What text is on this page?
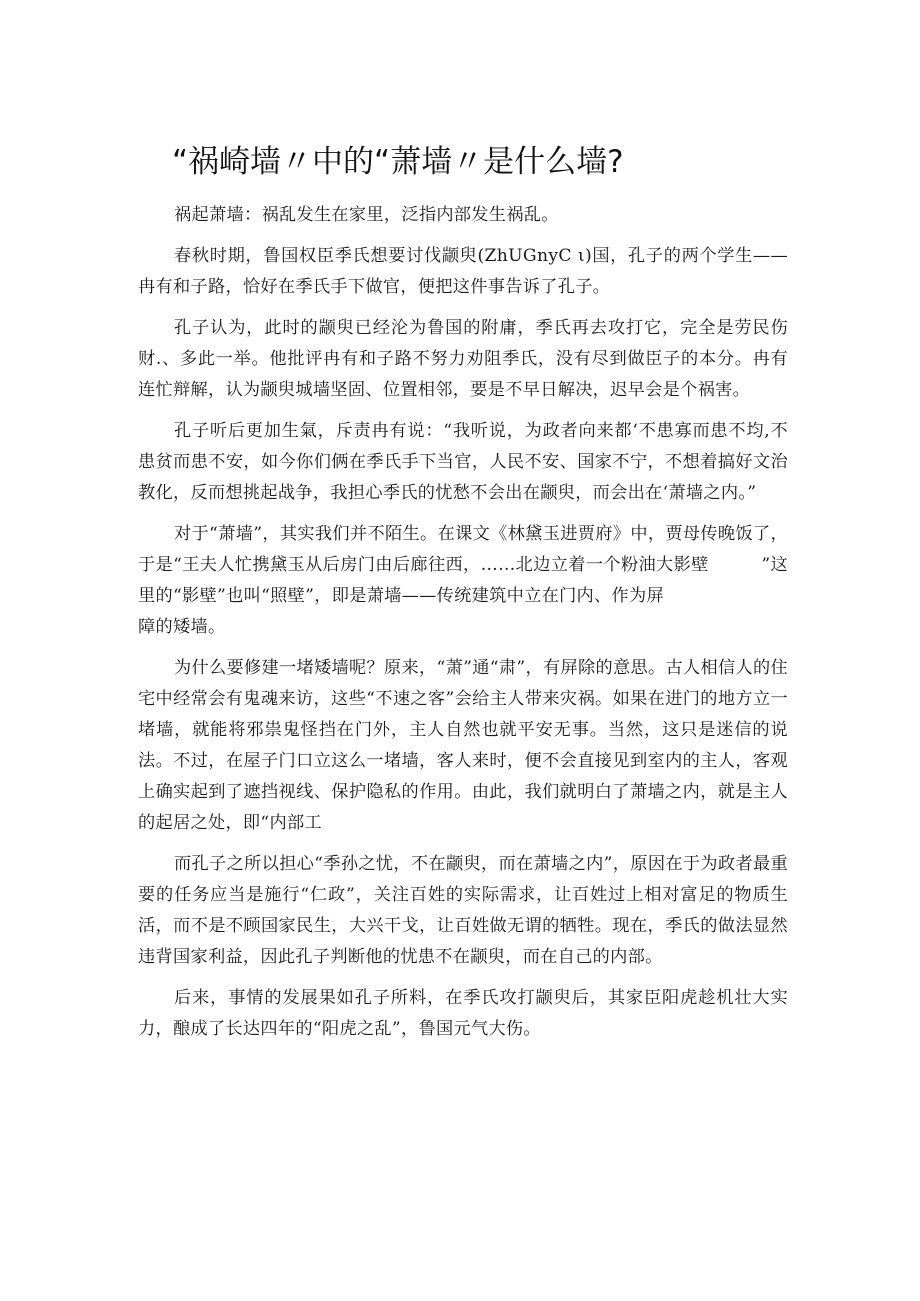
“祸崎墙〃中的“萧墙〃是什么墙?

祸起萧墙：祸乱发生在家里，泛指内部发生祸乱。

春秋时期，鲁国权臣季氏想要讨伐颛臾(ZhUGnyC ι)国，孔子的两个学生——冉有和子路，恰好在季氏手下做官，便把这件事告诉了孔子。

孔子认为，此时的颛臾已经沦为鲁国的附庸，季氏再去攻打它，完全是劳民伤财.、多此一举。他批评冉有和子路不努力劝阻季氏，没有尽到做臣子的本分。冉有连忙辩解，认为颛臾城墙坚固、位置相邻，要是不早日解决，迟早会是个祸害。

孔子听后更加生氣，斥责冉有说：“我听说，为政者向来都‘不患寡而患不均,不患贫而患不安，如今你们俩在季氏手下当官，人民不安、国家不宁，不想着搞好文治教化，反而想挑起战争，我担心季氏的忧愁不会出在颛臾，而会出在‘萧墙之内。”

对于“萧墙”，其实我们并不陌生。在课文《林黛玉进贾府》中，贾母传晚饭了，于是“王夫人忙携黛玉从后房门由后廊往西，……北边立着一个粉油大影壁　　　”这里的“影壁”也叫“照壁”，即是萧墙——传统建筑中立在门内、作为屏

障的矮墙。

为什么要修建一堵矮墙呢？原来，“萧”通“肃”，有屏除的意思。古人相信人的住宅中经常会有鬼魂来访，这些“不速之客”会给主人带来灾祸。如果在进门的地方立一堵墙，就能将邪祟鬼怪挡在门外，主人自然也就平安无事。当然，这只是迷信的说法。不过，在屋子门口立这么一堵墙，客人来时，便不会直接见到室内的主人，客观上确实起到了遮挡视线、保护隐私的作用。由此，我们就明白了萧墙之内，就是主人的起居之处，即“内部工

而孔子之所以担心“季孙之忧，不在颛臾，而在萧墙之内”，原因在于为政者最重要的任务应当是施行“仁政”，关注百姓的实际需求，让百姓过上相对富足的物质生活，而不是不顾国家民生，大兴干戈，让百姓做无谓的牺牲。现在，季氏的做法显然违背国家利益，因此孔子判断他的忧患不在颛臾，而在自己的内部。

后来，事情的发展果如孔子所料，在季氏攻打颛臾后，其家臣阳虎趁机壮大实力，酿成了长达四年的“阳虎之乱”，鲁国元气大伤。
